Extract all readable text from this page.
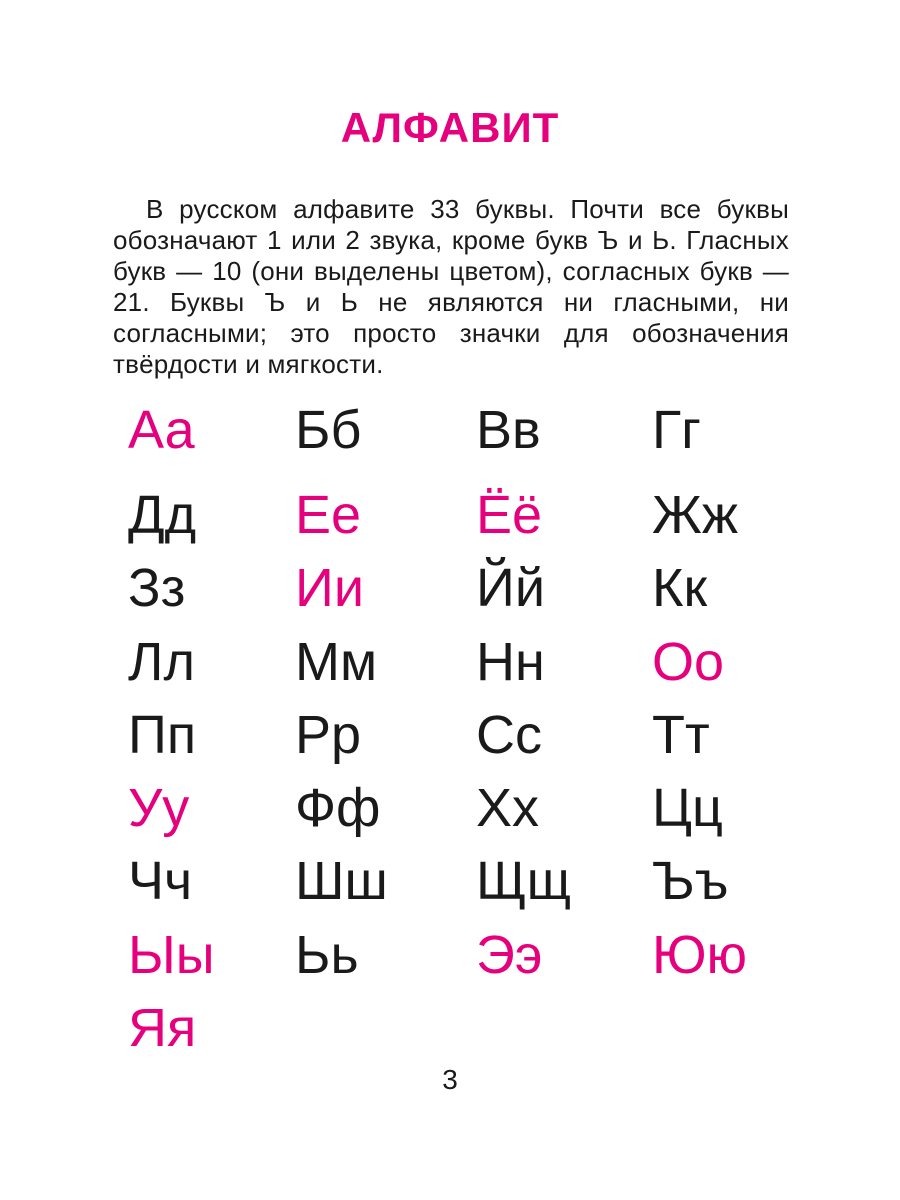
АЛФАВИТ

В русском алфавите 33 буквы. Почти все буквы обозначают 1 или 2 звука, кроме букв Ъ и Ь. Гласных букв — 10 (они выделены цветом), согласных букв — 21. Буквы Ъ и Ь не являются ни гласными, ни согласными; это просто значки для обозначения твёрдости и мягкости.

Аа Бб Вв Гг
Дд Ее Ёё Жж
Зз Ии Йй Кк
Лл Мм Нн Оо
Пп Рр Сс Тт
Уу Фф Хх Цц
Чч Шш Щщ Ъъ
Ыы Ьь Ээ Юю
Яя

3
